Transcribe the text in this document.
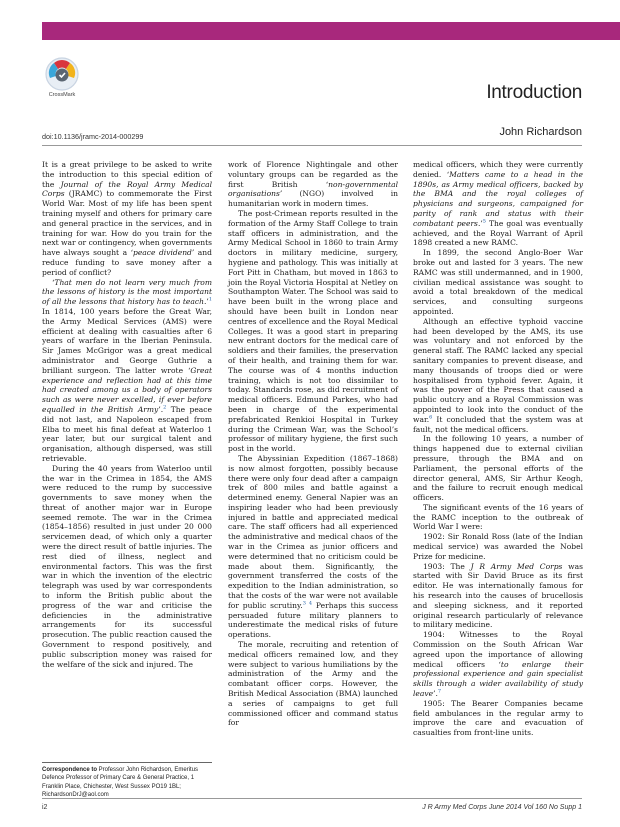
CrossMark	Introduction
doi:10.1136/jramc-2014-000299	John Richardson

It is a great privilege to be asked to write the introduction to this special edition of the Journal of the Royal Army Medical Corps (JRAMC) to commemorate the First World War. Most of my life has been spent training myself and others for primary care and general practice in the services, and in training for war. How do you train for the next war or contingency, when governments have always sought a ‘peace dividend’ and reduce funding to save money after a period of conflict?

‘That men do not learn very much from the lessons of history is the most important of all the lessons that history has to teach.’$^1$ In 1814, 100 years before the Great War, the Army Medical Services (AMS) were efficient at dealing with casualties after 6 years of warfare in the Iberian Peninsula. Sir James McGrigor was a great medical administrator and George Guthrie a brilliant surgeon. The latter wrote ‘Great experience and reflection had at this time had created among us a body of operators such as were never excelled, if ever before equalled in the British Army’.$^2$ The peace did not last, and Napoleon escaped from Elba to meet his final defeat at Waterloo 1 year later, but our surgical talent and organisation, although dispersed, was still retrievable.

During the 40 years from Waterloo until the war in the Crimea in 1854, the AMS were reduced to the rump by successive governments to save money when the threat of another major war in Europe seemed remote. The war in the Crimea (1854–1856) resulted in just under 20 000 servicemen dead, of which only a quarter were the direct result of battle injuries. The rest died of illness, neglect and environmental factors. This was the first war in which the invention of the electric telegraph was used by war correspondents to inform the British public about the progress of the war and criticise the deficiencies in the administrative arrangements for its successful prosecution. The public reaction caused the Government to respond positively, and public subscription money was raised for the welfare of the sick and injured. The

work of Florence Nightingale and other voluntary groups can be regarded as the first British ‘non-governmental organisations’ (NGO) involved in humanitarian work in modern times.

The post-Crimean reports resulted in the formation of the Army Staff College to train staff officers in administration, and the Army Medical School in 1860 to train Army doctors in military medicine, surgery, hygiene and pathology. This was initially at Fort Pitt in Chatham, but moved in 1863 to join the Royal Victoria Hospital at Netley on Southampton Water. The School was said to have been built in the wrong place and should have been built in London near centres of excellence and the Royal Medical Colleges. It was a good start in preparing new entrant doctors for the medical care of soldiers and their families, the preservation of their health, and training them for war. The course was of 4 months induction training, which is not too dissimilar to today. Standards rose, as did recruitment of medical officers. Edmund Parkes, who had been in charge of the experimental prefabricated Renkioi Hospital in Turkey during the Crimean War, was the School’s professor of military hygiene, the first such post in the world.

The Abyssinian Expedition (1867–1868) is now almost forgotten, possibly because there were only four dead after a campaign trek of 800 miles and battle against a determined enemy. General Napier was an inspiring leader who had been previously injured in battle and appreciated medical care. The staff officers had all experienced the administrative and medical chaos of the war in the Crimea as junior officers and were determined that no criticism could be made about them. Significantly, the government transferred the costs of the expedition to the Indian administration, so that the costs of the war were not available for public scrutiny.$^{3 4}$ Perhaps this success persuaded future military planners to underestimate the medical risks of future operations.

The morale, recruiting and retention of medical officers remained low, and they were subject to various humiliations by the administration of the Army and the combatant officer corps. However, the British Medical Association (BMA) launched a series of campaigns to get full commissioned officer and command status for

medical officers, which they were currently denied. ‘Matters came to a head in the 1890s, as Army medical officers, backed by the BMA and the royal colleges of physicians and surgeons, campaigned for parity of rank and status with their combatant peers.’$^5$ The goal was eventually achieved, and the Royal Warrant of April 1898 created a new RAMC.

In 1899, the second Anglo-Boer War broke out and lasted for 3 years. The new RAMC was still undermanned, and in 1900, civilian medical assistance was sought to avoid a total breakdown of the medical services, and consulting surgeons appointed.

Although an effective typhoid vaccine had been developed by the AMS, its use was voluntary and not enforced by the general staff. The RAMC lacked any special sanitary companies to prevent disease, and many thousands of troops died or were hospitalised from typhoid fever. Again, it was the power of the Press that caused a public outcry and a Royal Commission was appointed to look into the conduct of the war.$^6$ It concluded that the system was at fault, not the medical officers.

In the following 10 years, a number of things happened due to external civilian pressure, through the BMA and on Parliament, the personal efforts of the director general, AMS, Sir Arthur Keogh, and the failure to recruit enough medical officers.

The significant events of the 16 years of the RAMC inception to the outbreak of World War I were:

1902: Sir Ronald Ross (late of the Indian medical service) was awarded the Nobel Prize for medicine.

1903: The J R Army Med Corps was started with Sir David Bruce as its first editor. He was internationally famous for his research into the causes of brucellosis and sleeping sickness, and it reported original research particularly of relevance to military medicine.

1904: Witnesses to the Royal Commission on the South African War agreed upon the importance of allowing medical officers ‘to enlarge their professional experience and gain specialist skills through a wider availability of study leave’.$^7$

1905: The Bearer Companies became field ambulances in the regular army to improve the care and evacuation of casualties from front-line units.

Correspondence to Professor John Richardson, Emeritus Defence Professor of Primary Care & General Practice, 1 Franklin Place, Chichester, West Sussex PO19 1BL; RichardsonDrJ@aol.com
i2	J R Army Med Corps June 2014 Vol 160 No Supp 1
